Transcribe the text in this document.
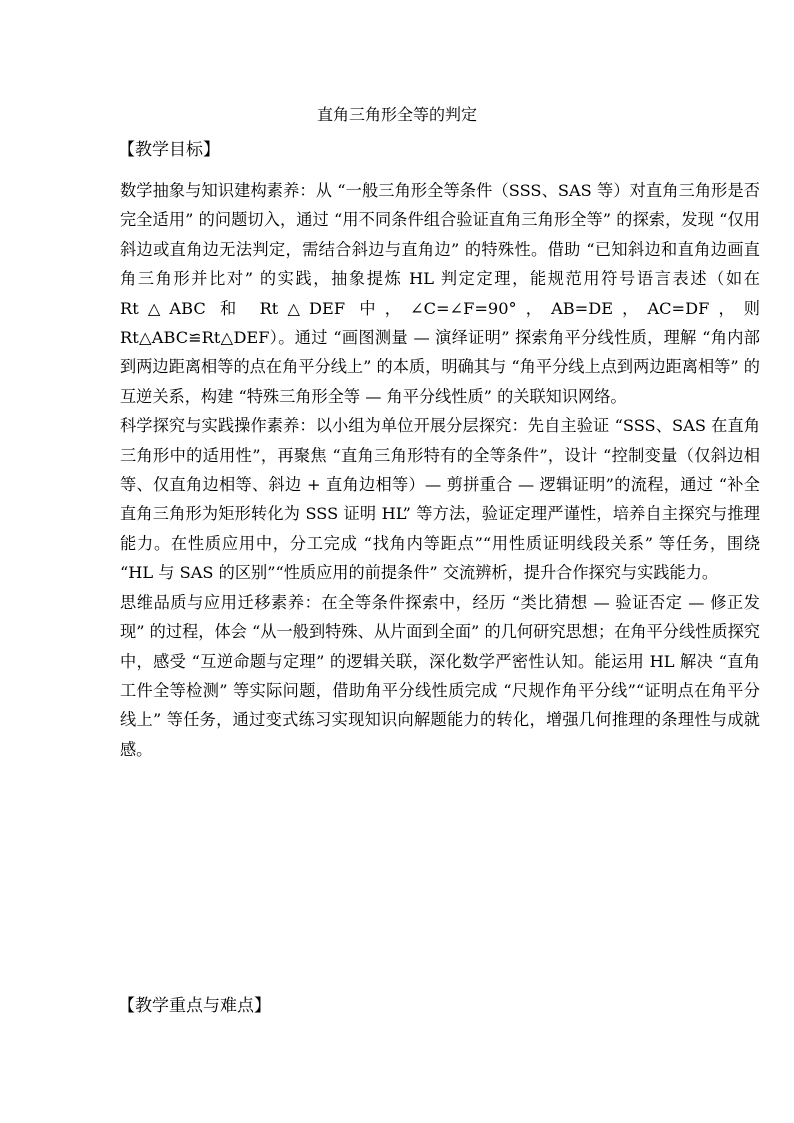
直角三角形全等的判定
【教学目标】

数学抽象与知识建构素养：从 “一般三角形全等条件（SSS、SAS 等）对直角三角形是否完全适用” 的问题切入，通过 “用不同条件组合验证直角三角形全等” 的探索，发现 “仅用斜边或直角边无法判定，需结合斜边与直角边” 的特殊性。借助 “已知斜边和直角边画直角三角形并比对” 的实践，抽象提炼 HL 判定定理，能规范用符号语言表述（如在 Rt△ABC 和 Rt△DEF 中，∠C=∠F=90°，AB=DE，AC=DF，则 Rt△ABC≌Rt△DEF）。通过 “画图测量 — 演绎证明” 探索角平分线性质，理解 “角内部到两边距离相等的点在角平分线上” 的本质，明确其与 “角平分线上点到两边距离相等” 的互逆关系，构建 “特殊三角形全等 — 角平分线性质” 的关联知识网络。

科学探究与实践操作素养：以小组为单位开展分层探究：先自主验证 “SSS、SAS 在直角三角形中的适用性”，再聚焦 “直角三角形特有的全等条件”，设计 “控制变量（仅斜边相等、仅直角边相等、斜边 + 直角边相等）— 剪拼重合 — 逻辑证明”的流程，通过 “补全直角三角形为矩形转化为 SSS 证明 HL” 等方法，验证定理严谨性，培养自主探究与推理能力。在性质应用中，分工完成 “找角内等距点”“用性质证明线段关系” 等任务，围绕 “HL 与 SAS 的区别”“性质应用的前提条件” 交流辨析，提升合作探究与实践能力。

思维品质与应用迁移素养：在全等条件探索中，经历 “类比猜想 — 验证否定 — 修正发现” 的过程，体会 “从一般到特殊、从片面到全面” 的几何研究思想；在角平分线性质探究中，感受 “互逆命题与定理” 的逻辑关联，深化数学严密性认知。能运用 HL 解决 “直角工件全等检测” 等实际问题，借助角平分线性质完成 “尺规作角平分线”“证明点在角平分线上” 等任务，通过变式练习实现知识向解题能力的转化，增强几何推理的条理性与成就感。

【教学重点与难点】
